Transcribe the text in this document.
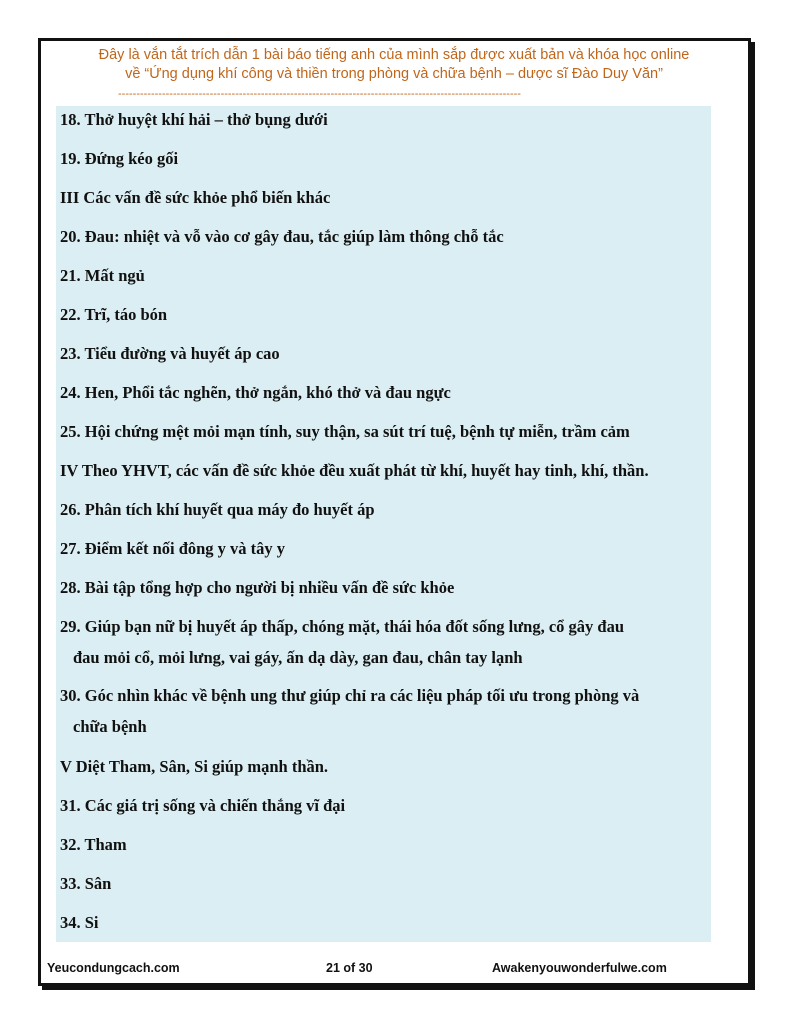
Đây là vắn tắt trích dẫn 1 bài báo tiếng anh của mình sắp được xuất bản và khóa học online
về “Ứng dụng khí công và thiền trong phòng và chữa bệnh – dược sĩ Đào Duy Văn”
--------------------------------------------------------------------------------------------------------------
18. Thở huyệt khí hải – thở bụng dưới
19. Đứng kéo gối
III Các vấn đề sức khỏe phổ biến khác
20. Đau: nhiệt và vỗ vào cơ gây đau, tắc giúp làm thông chỗ tắc
21. Mất ngủ
22. Trĩ, táo bón
23. Tiểu đường và huyết áp cao
24. Hen, Phổi tắc nghẽn, thở ngắn, khó thở và đau ngực
25. Hội chứng mệt mỏi mạn tính, suy thận, sa sút trí tuệ, bệnh tự miễn, trầm cảm
IV Theo YHVT, các vấn đề sức khỏe đều xuất phát từ khí, huyết hay tinh, khí, thần.
26. Phân tích khí huyết qua máy đo huyết áp
27. Điểm kết nối đông y và tây y
28. Bài tập tổng hợp cho người bị nhiều vấn đề sức khỏe
29. Giúp bạn nữ bị huyết áp thấp, chóng mặt, thái hóa đốt sống lưng, cổ gây đau
đau mỏi cổ, mỏi lưng, vai gáy, ấn dạ dày, gan đau, chân tay lạnh
30. Góc nhìn khác về bệnh ung thư giúp chỉ ra các liệu pháp tối ưu trong phòng và
chữa bệnh
V Diệt Tham, Sân, Si giúp mạnh thần.
31. Các giá trị sống và chiến thắng vĩ đại
32. Tham
33. Sân
34. Si
Yeucondungcach.com	21 of 30	Awakenyouwonderfulwe.com
